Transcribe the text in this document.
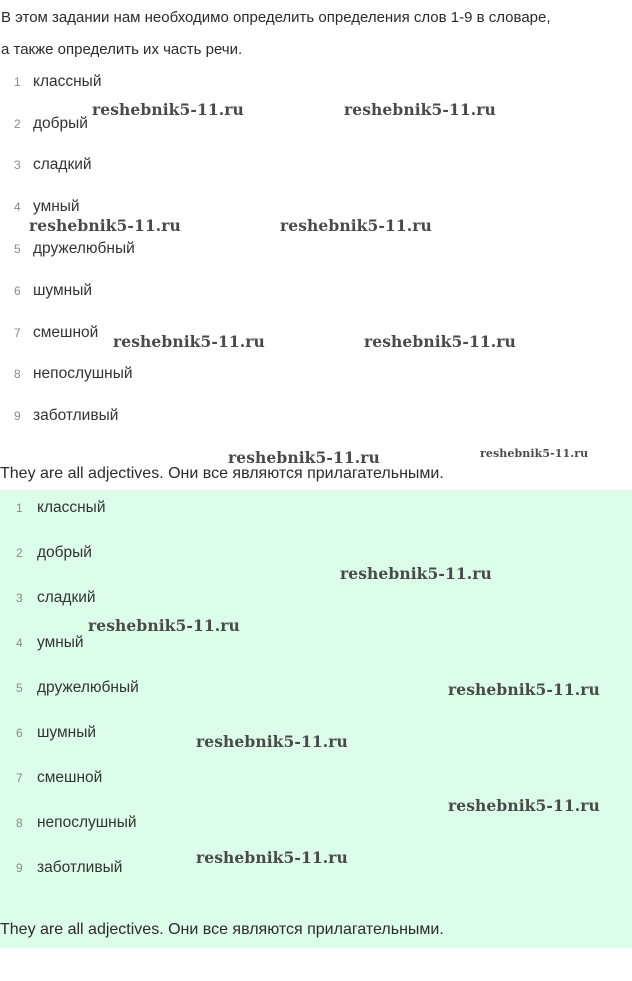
В этом задании нам необходимо определить определения слов 1-9 в словаре,
а также определить их часть речи.
1 классный
2 добрый
3 сладкий
4 умный
5 дружелюбный
6 шумный
7 смешной
8 непослушный
9 заботливый
They are all adjectives. Они все являются прилагательными.
1 классный
2 добрый
3 сладкий
4 умный
5 дружелюбный
6 шумный
7 смешной
8 непослушный
9 заботливый
They are all adjectives. Они все являются прилагательными.
reshebnik5-11.ru	reshebnik5-11.ru
reshebnik5-11.ru	reshebnik5-11.ru
reshebnik5-11.ru	reshebnik5-11.ru
reshebnik5-11.ru	reshebnik5-11.ru
reshebnik5-11.ru
reshebnik5-11.ru
reshebnik5-11.ru
reshebnik5-11.ru
reshebnik5-11.ru
reshebnik5-11.ru
